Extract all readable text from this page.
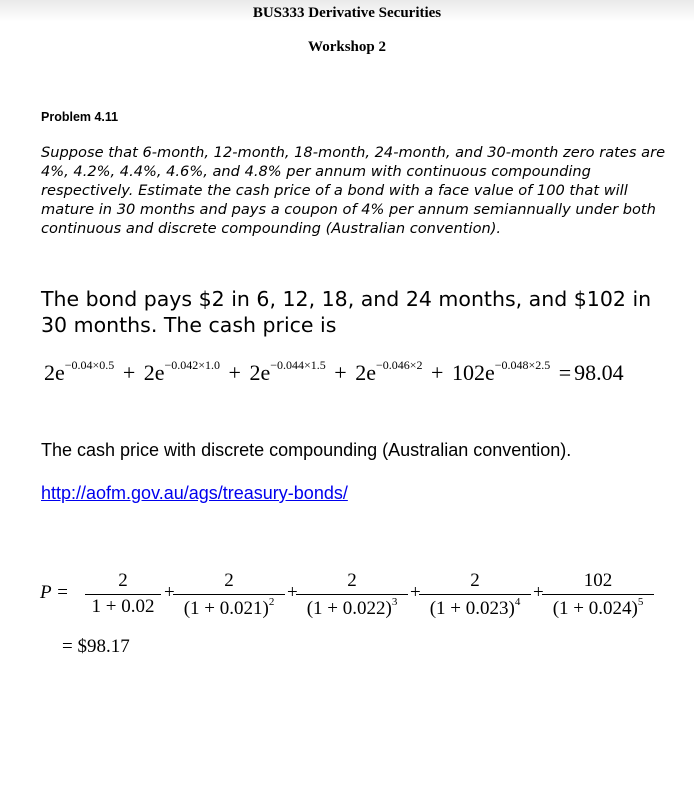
BUS333 Derivative Securities
Workshop 2
Problem 4.11
Suppose that 6-month, 12-month, 18-month, 24-month, and 30-month zero rates are 4%, 4.2%, 4.4%, 4.6%, and 4.8% per annum with continuous compounding respectively. Estimate the cash price of a bond with a face value of 100 that will mature in 30 months and pays a coupon of 4% per annum semiannually under both continuous and discrete compounding (Australian convention).
The bond pays $2 in 6, 12, 18, and 24 months, and $102 in 30 months. The cash price is
$2e^{-0.04\times 0.5} + 2e^{-0.042\times 1.0} + 2e^{-0.044\times 1.5} + 2e^{-0.046\times 2} + 102e^{-0.048\times 2.5} = 98.04$
The cash price with discrete compounding (Australian convention).
http://aofm.gov.au/ags/treasury-bonds/
P =
2
1 + 0.02
+
2
$(1 + 0.021)^2$ +
2
$(1 + 0.022)^3$ +
2
$(1 + 0.023)^4$ +
102
$(1 + 0.024)^5$
= $98.17
